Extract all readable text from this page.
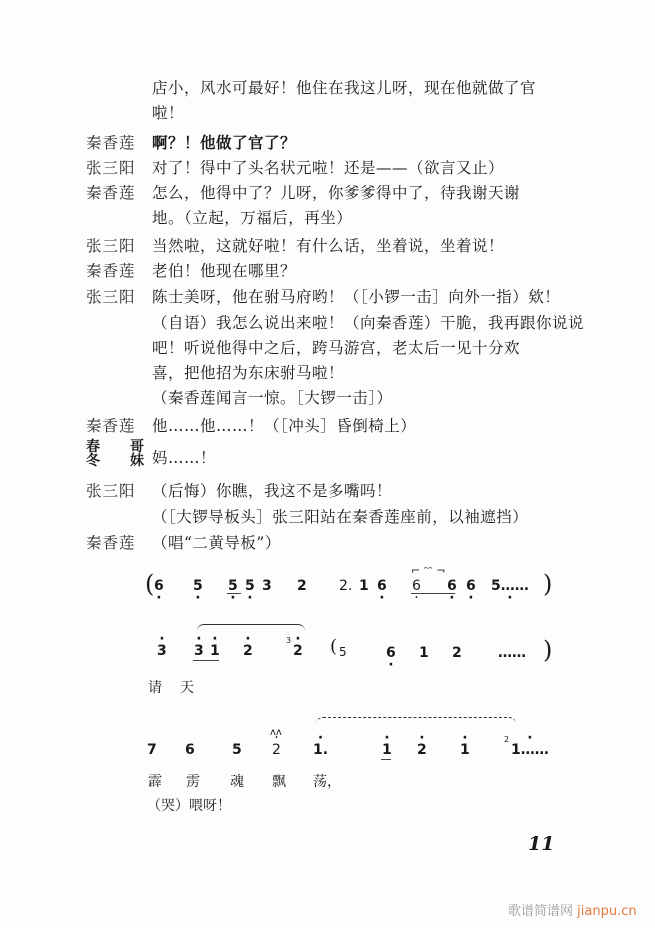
店小，风水可最好！他住在我这儿呀，现在他就做了官
啦！
秦香莲 啊？！他做了官了？
张三阳 对了！得中了头名状元啦！还是——（欲言又止）
秦香莲 怎么，他得中了？儿呀，你爹爹得中了，待我谢天谢
地。（立起，万福后，再坐）
张三阳 当然啦，这就好啦！有什么话，坐着说，坐着说！
秦香莲 老伯！他现在哪里？
张三阳 陈士美呀，他在驸马府哟！（［小锣一击］向外一指）欸！
（自语）我怎么说出来啦！（向秦香莲）干脆，我再跟你说说
吧！听说他得中之后，跨马游宫，老太后一见十分欢
喜，把他招为东床驸马啦！
（秦香莲闻言一惊。［大锣一击］）
秦香莲 他……他……！（［冲头］昏倒椅上）
春 哥
冬 妹 妈……！
张三阳 （后悔）你瞧，我这不是多嘴吗！
（［大锣导板头］张三阳站在秦香莲座前，以袖遮挡）
秦香莲 （唱“二黄导板”）
( 6 · 5 · 5 · 5 · 3 2 2. 1 6 ·
⌐ ᵔᵔ ¬
6 · 6 · 6 · 5…… · )
· 3 · 3 · 1 · 2
3
· 2 ( 5	6 · 1 2	…… )
请 天
ʌʌ
7 6	5 · 2 · 1.	· 1 · 2 · 1
2
· 1……
霹 雳 魂 飘 荡，
（哭）喂呀！
11
歌谱简谱网 jianpu.cn
